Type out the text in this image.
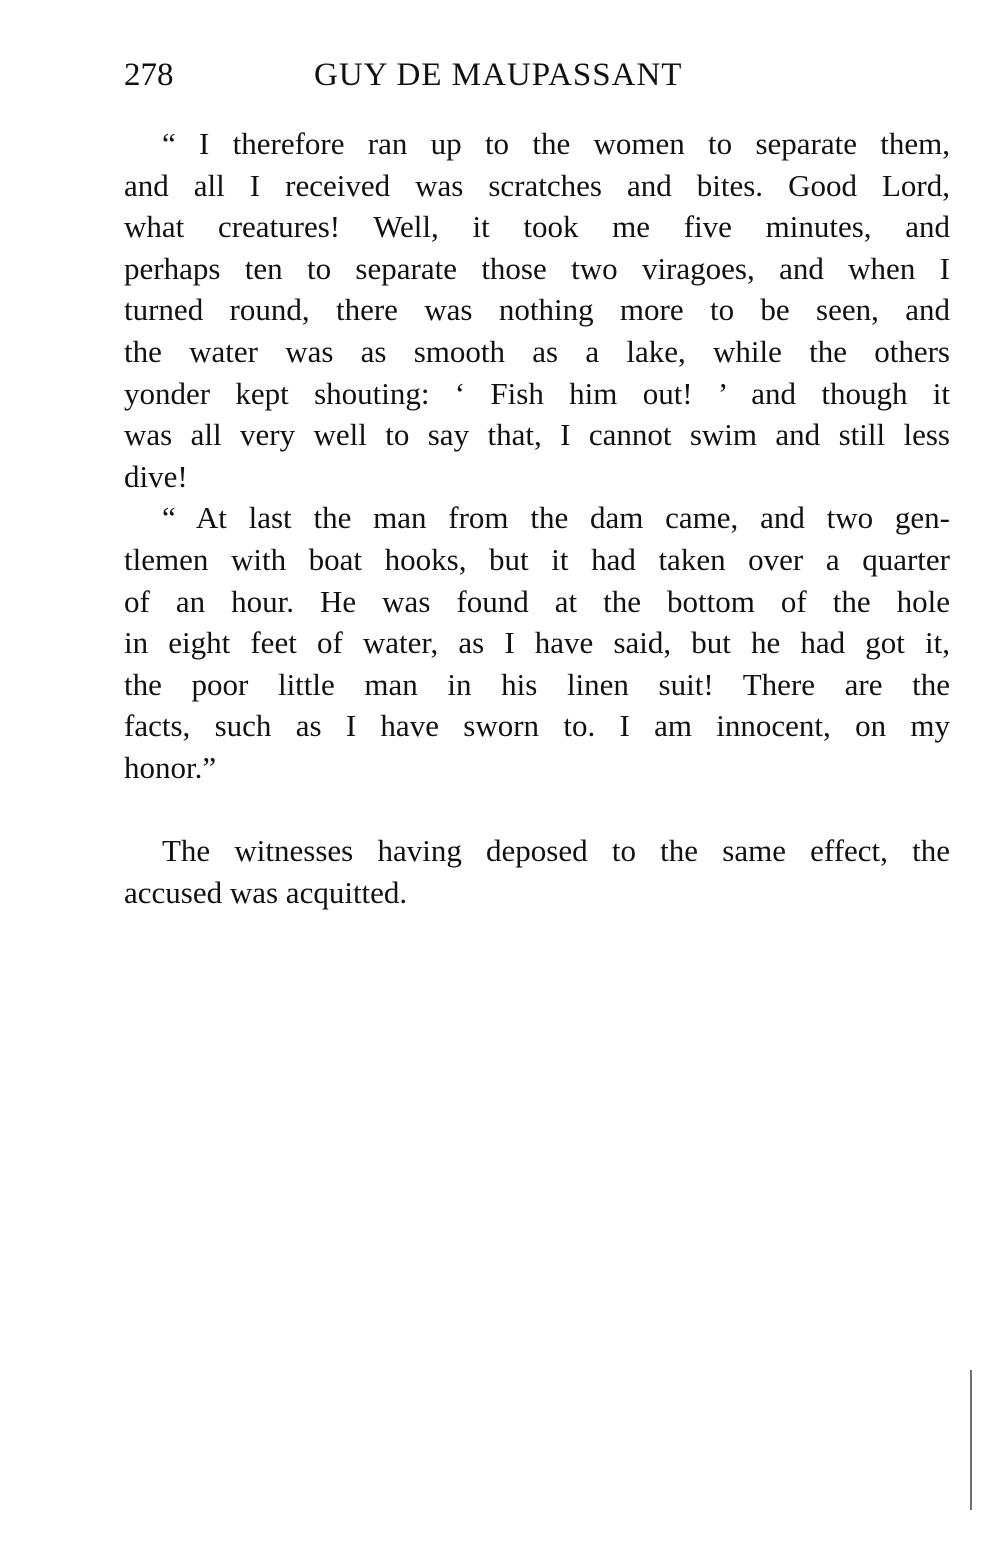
278	GUY DE MAUPASSANT
“ I therefore ran up to the women to separate them,
and all I received was scratches and bites. Good Lord,
what creatures! Well, it took me five minutes, and
perhaps ten to separate those two viragoes, and when I
turned round, there was nothing more to be seen, and
the water was as smooth as a lake, while the others
yonder kept shouting: ‘ Fish him out! ’ and though it
was all very well to say that, I cannot swim and still less
dive!
“ At last the man from the dam came, and two gen-
tlemen with boat hooks, but it had taken over a quarter
of an hour. He was found at the bottom of the hole
in eight feet of water, as I have said, but he had got it,
the poor little man in his linen suit! There are the
facts, such as I have sworn to. I am innocent, on my
honor.”
The witnesses having deposed to the same effect, the
accused was acquitted.
